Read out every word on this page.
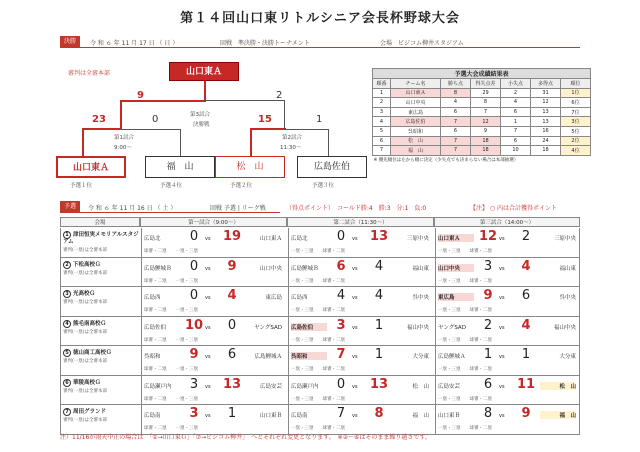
第１４回山口東リトルシニア会長杯野球大会
決勝	令 和 ６ 年 11 月 17 日 （ 日 ）	回戦　準決勝・決勝トーナメント	会場　ビジコム柳井スタジアム
審判は全審本部	山口東Ａ
9	2
第3試合
決勝戦
0
23
第1試合
9:00～
15	1
第2試合
11:30～
山口東Ａ	福　山	松　山	広島佐伯
予選１位	予選４位	予選２位	予選３位
予選大会成績結果表						
順番	チーム名	勝ち点	得失点差	小失点	多得点	順位
1	山口東Ａ	8	29	2	31	1位
2	山口中央	4	8	4	12	6位
3	東広島	6	7	6	13	7位
4	広島佐伯	7	12	1	13	3位
5	呉昭和	6	9	7	16	5位
6	松　山	7	18	6	24	2位
7	福　山	7	18	10	18	4位
※ 優先順位は左から順に決定（少失点でも決まらない場合は本部抽選）						
予選	令 和 ６ 年 11 月 16 日 （ 土 ）	回戦 予選 | リーグ戦	（得点ポイント）　コールド勝:4　勝:3　分:1　負:0	【注】 ○ 内は合計獲得ポイント
会場	第一試合（9:00～）	第二試合（11:30～）	第三試合（14:00～）
1 津田恒実メモリアルスタジアム
審判(一塁)は全審本部
広島北	0	vs 19	山口東Ａ
球審・二塁　　一塁・三塁
広島北	0	vs 13	三原中央
一塁・三塁　　球審・二塁
山口東Ａ	12 vs	2	三原中央
一塁・三塁　　球審・二塁
2 下松高校Ｇ
審判(一塁)は全審本部
広島鯉城Ｂ	0	vs	9	山口中央
球審・二塁　　一塁・三塁
広島鯉城Ｂ	6	vs	4	福山東
一塁・三塁　　球審・二塁
山口中央	3	vs	4	福山東
一塁・三塁　　球審・二塁
3 光高校Ｇ
審判(一塁)は全審本部
広島西	0	vs	4	東広島
球審・二塁　　一塁・三塁
広島西	4	vs	4	呉中央
一塁・三塁　　球審・二塁
東広島	9	vs	6	呉中央
一塁・三塁　　球審・二塁
4 熊毛南高校Ｇ
審判(一塁)は全審本部
広島佐伯	10 vs	0	ヤングSAD
球審・二塁　　一塁・三塁
広島佐伯	3	vs	1	福山中央
一塁・三塁　　球審・二塁
ヤングSAD	2	vs	4	福山中央
一塁・三塁　　球審・二塁
5 徳山商工高校Ｇ
審判(一塁)は全審本部
呉昭和	9	vs	6	広島鯉城Ａ
球審・二塁　　一塁・三塁
呉昭和	7	vs	1	大分東
一塁・三塁　　球審・二塁
広島鯉城Ａ	1	vs	1	大分東
一塁・三塁　　球審・二塁
6 華陵高校Ｇ
審判(一塁)は全審本部
広島瀬戸内	3	vs 13	広島安芸
球審・二塁　　一塁・三塁
広島瀬戸内	0	vs 13	松　山
一塁・三塁　　球審・二塁
広島安芸	6	vs 11	松　山
一塁・三塁　　球審・二塁
7 周田グランド
審判(一塁)は全審本部
広島南	3	vs	1	山口東Ｂ
球審・二塁　　一塁・三塁
広島南	7	vs	8	福　山
一塁・三塁　　球審・二塁
山口東Ｂ	8	vs	9	福　山
一塁・三塁　　球審・二塁
注）11/16が雨天中止の場合は　「①→山口東Ｇ」「⑦→ビジコム柳井」　へとそれぞれ変更となります。　※②～⑥はそのまま繰り越さです。
